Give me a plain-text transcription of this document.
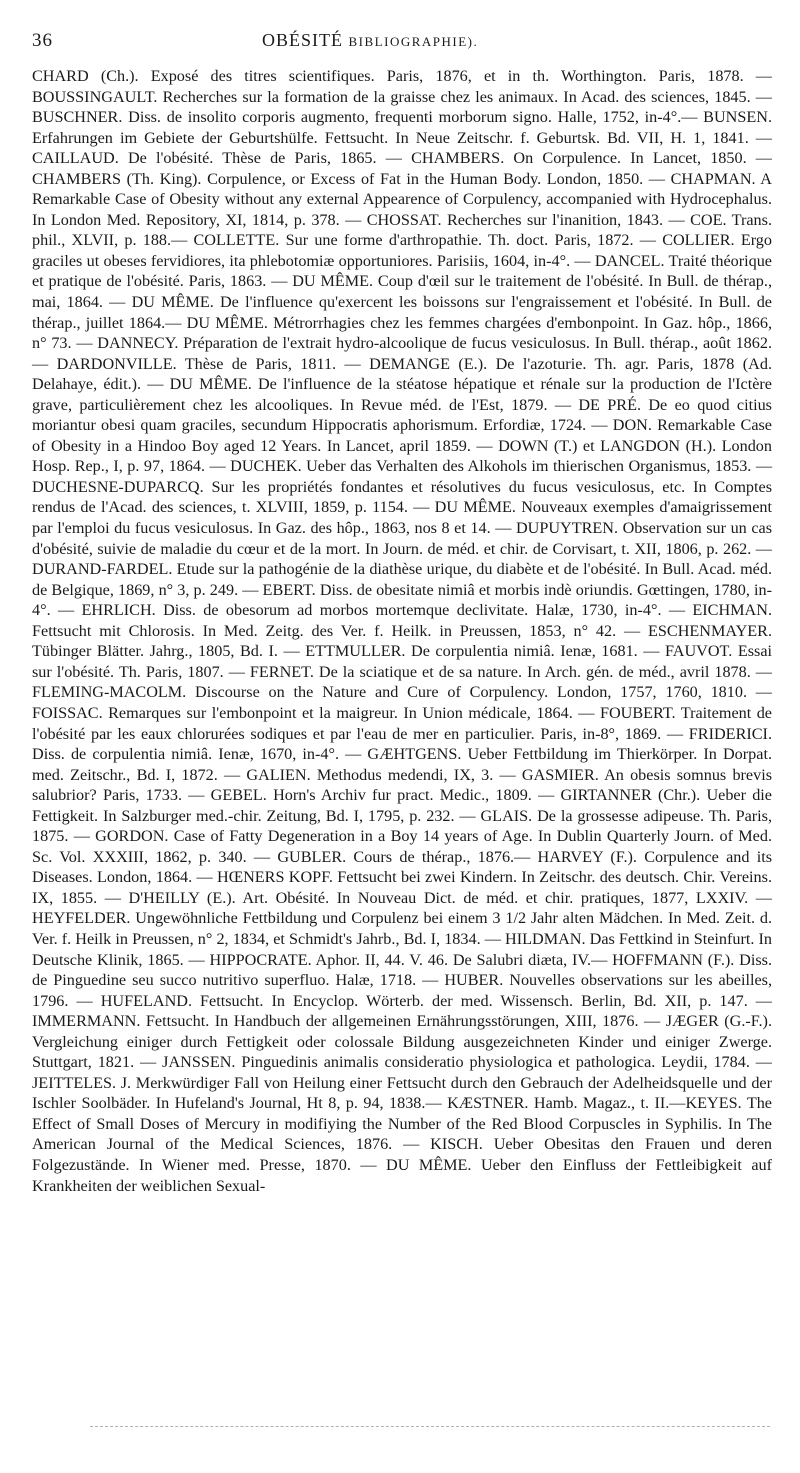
36	OBÉSITÉ BIBLIOGRAPHIE).

CHARD (Ch.). Exposé des titres scientifiques. Paris, 1876, et in th. Worthington. Paris, 1878. — BOUSSINGAULT. Recherches sur la formation de la graisse chez les animaux. In Acad. des sciences, 1845. — BUSCHNER. Diss. de insolito corporis augmento, frequenti morborum signo. Halle, 1752, in-4°.— BUNSEN. Erfahrungen im Gebiete der Geburtshülfe. Fettsucht. In Neue Zeitschr. f. Geburtsk. Bd. VII, H. 1, 1841. — CAILLAUD. De l'obésité. Thèse de Paris, 1865. — CHAMBERS. On Corpulence. In Lancet, 1850. — CHAMBERS (Th. King). Corpulence, or Excess of Fat in the Human Body. London, 1850. — CHAPMAN. A Remarkable Case of Obesity without any external Appearence of Corpulency, accompanied with Hydrocephalus. In London Med. Repository, XI, 1814, p. 378. — CHOSSAT. Recherches sur l'inanition, 1843. — COE. Trans. phil., XLVII, p. 188.— COLLETTE. Sur une forme d'arthropathie. Th. doct. Paris, 1872. — COLLIER. Ergo graciles ut obeses fervidiores, ita phlebotomiæ opportuniores. Parisiis, 1604, in-4°. — DANCEL. Traité théorique et pratique de l'obésité. Paris, 1863. — DU MÊME. Coup d'œil sur le traitement de l'obésité. In Bull. de thérap., mai, 1864. — DU MÊME. De l'influence qu'exercent les boissons sur l'engraissement et l'obésité. In Bull. de thérap., juillet 1864.— DU MÊME. Métrorrhagies chez les femmes chargées d'embonpoint. In Gaz. hôp., 1866, n° 73. — DANNECY. Préparation de l'extrait hydro-alcoolique de fucus vesiculosus. In Bull. thérap., août 1862. — DARDONVILLE. Thèse de Paris, 1811. — DEMANGE (E.). De l'azoturie. Th. agr. Paris, 1878 (Ad. Delahaye, édit.). — DU MÊME. De l'influence de la stéatose hépatique et rénale sur la production de l'Ictère grave, particulièrement chez les alcooliques. In Revue méd. de l'Est, 1879. — DE PRÉ. De eo quod citius moriantur obesi quam graciles, secundum Hippocratis aphorismum. Erfordiæ, 1724. — DON. Remarkable Case of Obesity in a Hindoo Boy aged 12 Years. In Lancet, april 1859. — DOWN (T.) et LANGDON (H.). London Hosp. Rep., I, p. 97, 1864. — DUCHEK. Ueber das Verhalten des Alkohols im thierischen Organismus, 1853. — DUCHESNE-DUPARCQ. Sur les propriétés fondantes et résolutives du fucus vesiculosus, etc. In Comptes rendus de l'Acad. des sciences, t. XLVIII, 1859, p. 1154. — DU MÊME. Nouveaux exemples d'amaigrissement par l'emploi du fucus vesiculosus. In Gaz. des hôp., 1863, nos 8 et 14. — DUPUYTREN. Observation sur un cas d'obésité, suivie de maladie du cœur et de la mort. In Journ. de méd. et chir. de Corvisart, t. XII, 1806, p. 262. — DURAND-FARDEL. Etude sur la pathogénie de la diathèse urique, du diabète et de l'obésité. In Bull. Acad. méd. de Belgique, 1869, n° 3, p. 249. — EBERT. Diss. de obesitate nimiâ et morbis indè oriundis. Gœttingen, 1780, in-4°. — EHRLICH. Diss. de obesorum ad morbos mortemque declivitate. Halæ, 1730, in-4°. — EICHMAN. Fettsucht mit Chlorosis. In Med. Zeitg. des Ver. f. Heilk. in Preussen, 1853, n° 42. — ESCHENMAYER. Tübinger Blätter. Jahrg., 1805, Bd. I. — ETTMULLER. De corpulentia nimiâ. Ienæ, 1681. — FAUVOT. Essai sur l'obésité. Th. Paris, 1807. — FERNET. De la sciatique et de sa nature. In Arch. gén. de méd., avril 1878. — FLEMING-MACOLM. Discourse on the Nature and Cure of Corpulency. London, 1757, 1760, 1810. — FOISSAC. Remarques sur l'embonpoint et la maigreur. In Union médicale, 1864. — FOUBERT. Traitement de l'obésité par les eaux chlorurées sodiques et par l'eau de mer en particulier. Paris, in-8°, 1869. — FRIDERICI. Diss. de corpulentia nimiâ. Ienæ, 1670, in-4°. — GÆHTGENS. Ueber Fettbildung im Thierkörper. In Dorpat. med. Zeitschr., Bd. I, 1872. — GALIEN. Methodus medendi, IX, 3. — GASMIER. An obesis somnus brevis salubrior? Paris, 1733. — GEBEL. Horn's Archiv fur pract. Medic., 1809. — GIRTANNER (Chr.). Ueber die Fettigkeit. In Salzburger med.-chir. Zeitung, Bd. I, 1795, p. 232. — GLAIS. De la grossesse adipeuse. Th. Paris, 1875. — GORDON. Case of Fatty Degeneration in a Boy 14 years of Age. In Dublin Quarterly Journ. of Med. Sc. Vol. XXXIII, 1862, p. 340. — GUBLER. Cours de thérap., 1876.— HARVEY (F.). Corpulence and its Diseases. London, 1864. — HŒNERS KOPF. Fettsucht bei zwei Kindern. In Zeitschr. des deutsch. Chir. Vereins. IX, 1855. — D'HEILLY (E.). Art. Obésité. In Nouveau Dict. de méd. et chir. pratiques, 1877, LXXIV. — HEYFELDER. Ungewöhnliche Fettbildung und Corpulenz bei einem 3 1/2 Jahr alten Mädchen. In Med. Zeit. d. Ver. f. Heilk in Preussen, n° 2, 1834, et Schmidt's Jahrb., Bd. I, 1834. — HILDMAN. Das Fettkind in Steinfurt. In Deutsche Klinik, 1865. — HIPPOCRATE. Aphor. II, 44. V. 46. De Salubri diæta, IV.— HOFFMANN (F.). Diss. de Pinguedine seu succo nutritivo superfluo. Halæ, 1718. — HUBER. Nouvelles observations sur les abeilles, 1796. — HUFELAND. Fettsucht. In Encyclop. Wörterb. der med. Wissensch. Berlin, Bd. XII, p. 147. — IMMERMANN. Fettsucht. In Handbuch der allgemeinen Ernährungsstörungen, XIII, 1876. — JÆGER (G.-F.). Vergleichung einiger durch Fettigkeit oder colossale Bildung ausgezeichneten Kinder und einiger Zwerge. Stuttgart, 1821. — JANSSEN. Pinguedinis animalis consideratio physiologica et pathologica. Leydii, 1784. — JEITTELES. J. Merkwürdiger Fall von Heilung einer Fettsucht durch den Gebrauch der Adelheidsquelle und der Ischler Soolbäder. In Hufeland's Journal, Ht 8, p. 94, 1838.— KÆSTNER. Hamb. Magaz., t. II.—KEYES. The Effect of Small Doses of Mercury in modifiying the Number of the Red Blood Corpuscles in Syphilis. In The American Journal of the Medical Sciences, 1876. — KISCH. Ueber Obesitas den Frauen und deren Folgezustände. In Wiener med. Presse, 1870. — DU MÊME. Ueber den Einfluss der Fettleibigkeit auf Krankheiten der weiblichen Sexual-
